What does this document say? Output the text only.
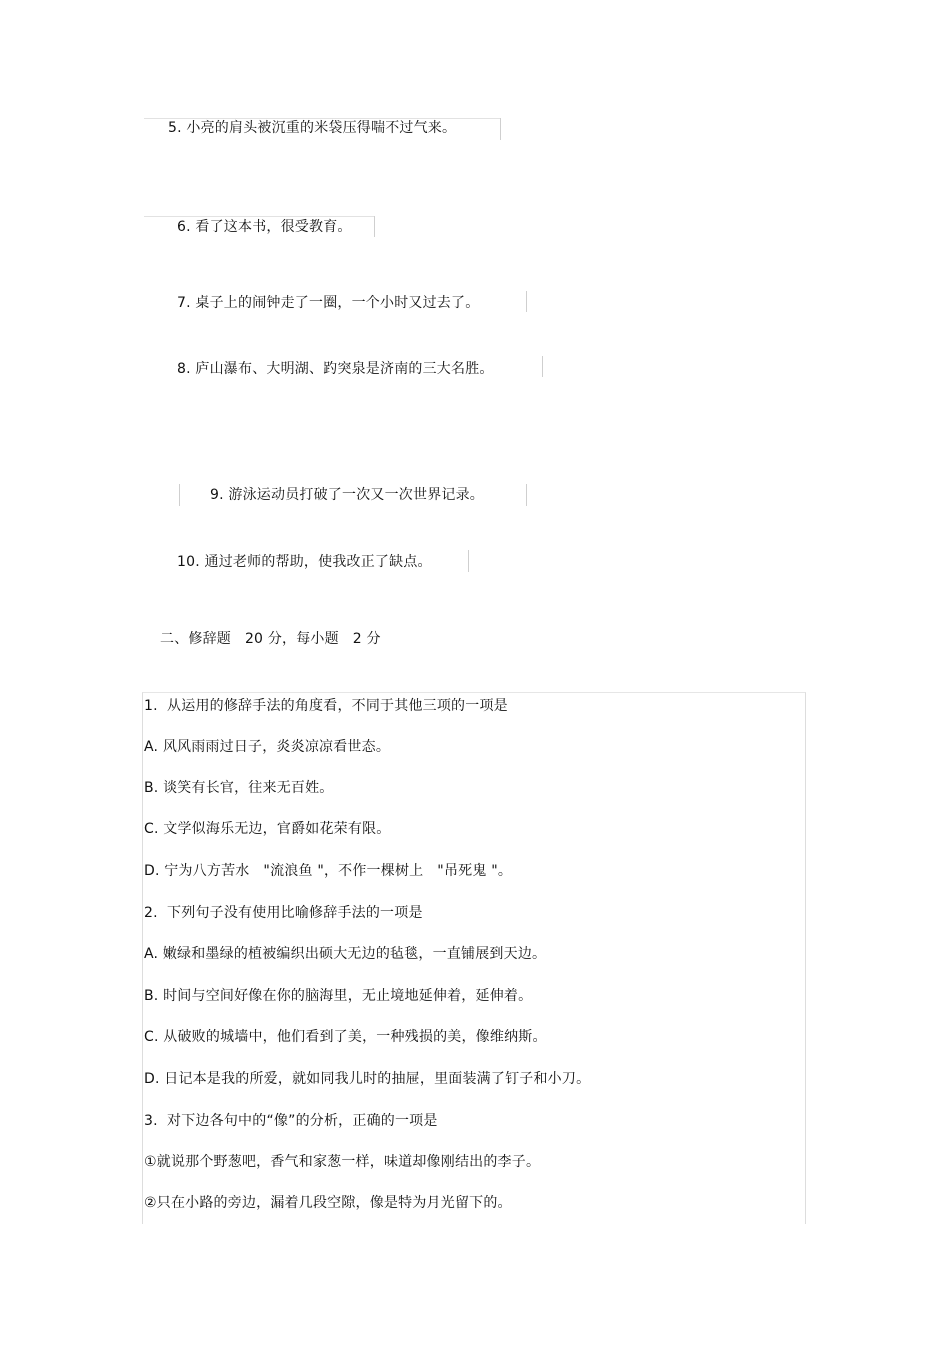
5. 小亮的肩头被沉重的米袋压得喘不过气来。
6. 看了这本书，很受教育。
7. 桌子上的闹钟走了一圈，一个小时又过去了。
8. 庐山瀑布、大明湖、趵突泉是济南的三大名胜。
9. 游泳运动员打破了一次又一次世界记录。
10. 通过老师的帮助，使我改正了缺点。
二、修辞题   20 分，每小题   2 分
1.  从运用的修辞手法的角度看，不同于其他三项的一项是
A. 风风雨雨过日子，炎炎凉凉看世态。
B. 谈笑有长官，往来无百姓。
C. 文学似海乐无边，官爵如花荣有限。
D. 宁为八方苦水   "流浪鱼 "，不作一棵树上   "吊死鬼 "。
2.  下列句子没有使用比喻修辞手法的一项是
A. 嫩绿和墨绿的植被编织出硕大无边的毡毯，一直铺展到天边。
B. 时间与空间好像在你的脑海里，无止境地延伸着，延伸着。
C. 从破败的城墙中，他们看到了美，一种残损的美，像维纳斯。
D. 日记本是我的所爱，就如同我儿时的抽屉，里面装满了钉子和小刀。
3.  对下边各句中的“像”的分析，正确的一项是
①就说那个野葱吧，香气和家葱一样，味道却像刚结出的李子。
②只在小路的旁边，漏着几段空隙，像是特为月光留下的。
